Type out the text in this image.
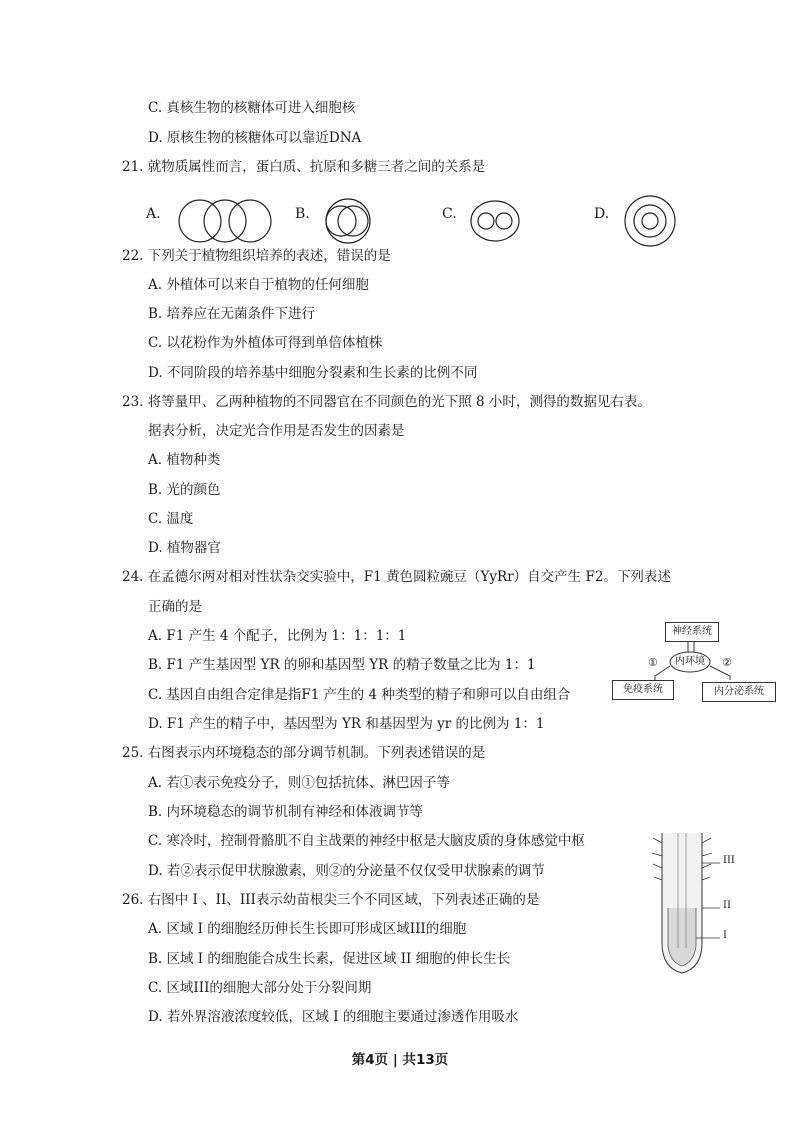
C. 真核生物的核糖体可进入细胞核
D. 原核生物的核糖体可以靠近DNA
21. 就物质属性而言，蛋白质、抗原和多糖三者之间的关系是
A.	B.	C.	D.
22. 下列关于植物组织培养的表述，错误的是
A. 外植体可以来自于植物的任何细胞
B. 培养应在无菌条件下进行
C. 以花粉作为外植体可得到单倍体植株
D. 不同阶段的培养基中细胞分裂素和生长素的比例不同
23. 将等量甲、乙两种植物的不同器官在不同颜色的光下照 8 小时，测得的数据见右表。
据表分析，决定光合作用是否发生的因素是
A. 植物种类
B. 光的颜色
C. 温度
D. 植物器官
24. 在孟德尔两对相对性状杂交实验中，F1 黄色圆粒豌豆（YyRr）自交产生 F2。下列表述
正确的是
A. F1 产生 4 个配子，比例为 1：1：1：1
B. F1 产生基因型 YR 的卵和基因型 YR 的精子数量之比为 1：1
C. 基因自由组合定律是指F1 产生的 4 种类型的精子和卵可以自由组合
D. F1 产生的精子中，基因型为 YR 和基因型为 yr 的比例为 1：1
神经系统
内环境
①	②
免疫系统	内分泌系统
25. 右图表示内环境稳态的部分调节机制。下列表述错误的是
A. 若①表示免疫分子，则①包括抗体、淋巴因子等
B. 内环境稳态的调节机制有神经和体液调节等
C. 寒冷时，控制骨骼肌不自主战栗的神经中枢是大脑皮质的身体感觉中枢
D. 若②表示促甲状腺激素，则②的分泌量不仅仅受甲状腺素的调节
III
II
I
26. 右图中 I 、II、III表示幼苗根尖三个不同区域，下列表述正确的是
A. 区域 I 的细胞经历伸长生长即可形成区域III的细胞
B. 区域 I 的细胞能合成生长素，促进区域 II 细胞的伸长生长
C. 区域III的细胞大部分处于分裂间期
D. 若外界溶液浓度较低，区域 I 的细胞主要通过渗透作用吸水
第4页 | 共13页
